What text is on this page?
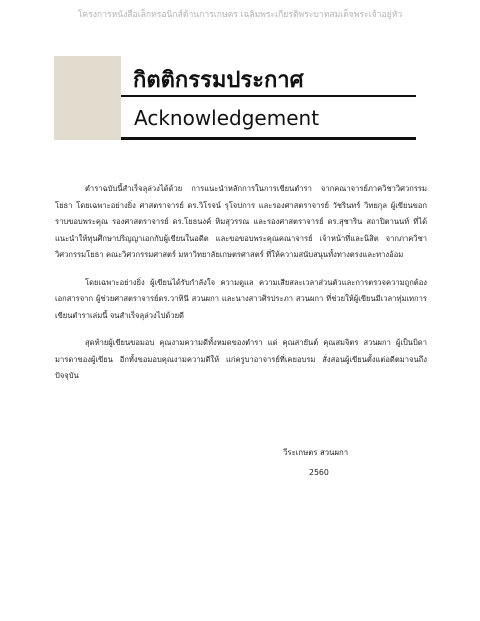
โครงการหนังสือเล็กทรอนิกส์ด้านการเกษตร เฉลิมพระเกียรติพระบาทสมเด็จพระเจ้าอยู่หัว
กิตติกรรมประกาศ
Acknowledgement

ตำราฉบับนี้สำเร็จลุล่วงได้ด้วย การแนะนำหลักการในการเขียนตำรา จากคณาจารย์ภาควิชาวิศวกรรมโยธา โดยเฉพาะอย่างยิ่ง ศาสตราจารย์ ดร.วิโรจน์ รุโจปการ และรองศาสตราจารย์ วัชรินทร์ วิทยกุล ผู้เขียนขอกราบขอบพระคุณ รองศาสตราจารย์ ดร.โยธนงค์ หิมสุวรรณ และรองศาสตราจารย์ ดร.สุชาริน สถาปิตานนท์ ที่ได้แนะนำให้ทุนศึกษาปริญญาเอกกับผู้เขียนในอดีต และขอขอบพระคุณคณาจารย์ เจ้าหน้าที่และนิสิต จากภาควิชาวิศวกรรมโยธา คณะวิศวกรรมศาสตร์ มหาวิทยาลัยเกษตรศาสตร์ ที่ให้ความสนับสนุนทั้งทางตรงและทางอ้อม

โดยเฉพาะอย่างยิ่ง ผู้เขียนได้รับกำลังใจ ความดูแล ความเสียสละเวลาส่วนตัวและการตรวจความถูกต้องเอกสารจาก ผู้ช่วยศาสตราจารย์ดร.วาทินี สวนผกา และนางสาวศิรประภา สวนผกา ที่ช่วยให้ผู้เขียนมีเวลาทุ่มเทการเขียนตำราเล่มนี้ จนสำเร็จลุล่วงไปด้วยดี

สุดท้ายผู้เขียนขอมอบ คุณงามความดีทั้งหมดของตำรา แด่ คุณสายันต์ คุณสมจิตร สวนผกา ผู้เป็นบิดามารดาของผู้เขียน อีกทั้งขอมอบคุณงามความดีให้ แก่ครูบาอาจารย์ที่เคยอบรม สั่งสอนผู้เขียนตั้งแต่อดีตมาจนถึงปัจจุบัน

วีระเกษตร สวนผกา
2560
